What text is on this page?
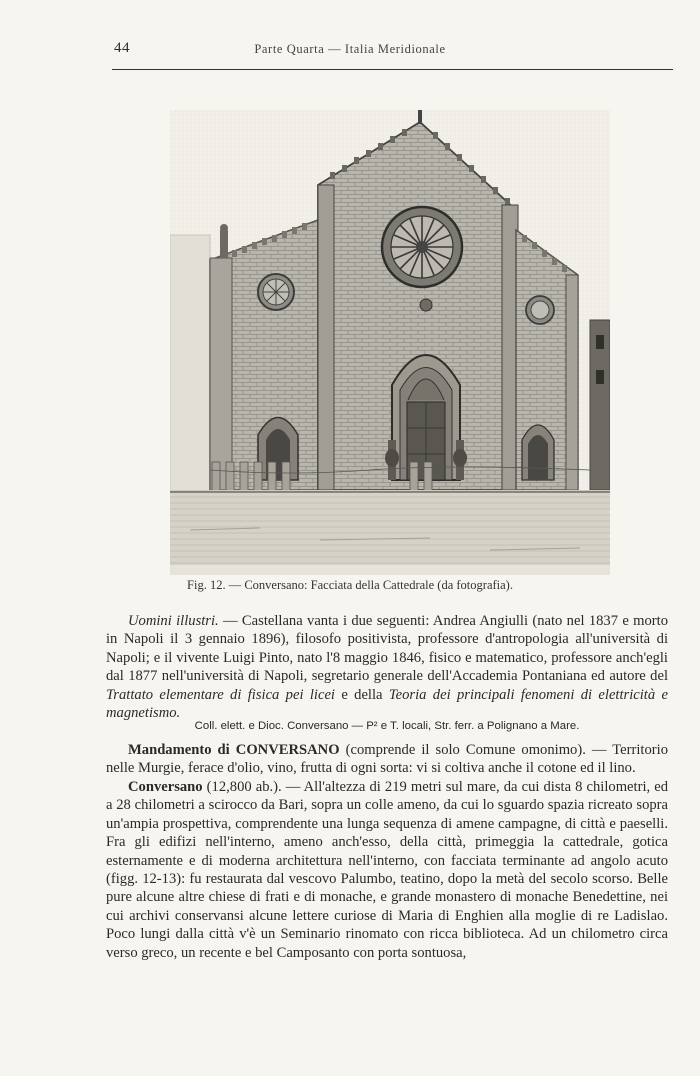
44	Parte Quarta — Italia Meridionale
Fig. 12. — Conversano: Facciata della Cattedrale (da fotografia).
Uomini illustri. — Castellana vanta i due seguenti: Andrea Angiulli (nato nel 1837 e morto in Napoli il 3 gennaio 1896), filosofo positivista, professore d'antropologia all'università di Napoli; e il vivente Luigi Pinto, nato l'8 maggio 1846, fisico e matematico, professore anch'egli dal 1877 nell'università di Napoli, segretario generale dell'Accademia Pontaniana ed autore del Trattato elementare di fisica pei licei e della Teoria dei principali fenomeni di elettricità e magnetismo.
Coll. elett. e Dioc. Conversano — P² e T. locali, Str. ferr. a Polignano a Mare.
Mandamento di CONVERSANO (comprende il solo Comune omonimo). — Territorio nelle Murgie, ferace d'olio, vino, frutta di ogni sorta: vi si coltiva anche il cotone ed il lino.
Conversano (12,800 ab.). — All'altezza di 219 metri sul mare, da cui dista 8 chilometri, ed a 28 chilometri a scirocco da Bari, sopra un colle ameno, da cui lo sguardo spazia ricreato sopra un'ampia prospettiva, comprendente una lunga sequenza di amene campagne, di città e paeselli. Fra gli edifizi nell'interno, ameno anch'esso, della città, primeggia la cattedrale, gotica esternamente e di moderna architettura nell'interno, con facciata terminante ad angolo acuto (figg. 12-13): fu restaurata dal vescovo Palumbo, teatino, dopo la metà del secolo scorso. Belle pure alcune altre chiese di frati e di monache, e grande monastero di monache Benedettine, nei cui archivi conservansi alcune lettere curiose di Maria di Enghien alla moglie di re Ladislao. Poco lungi dalla città v'è un Seminario rinomato con ricca biblioteca. Ad un chilometro circa verso greco, un recente e bel Camposanto con porta sontuosa,
